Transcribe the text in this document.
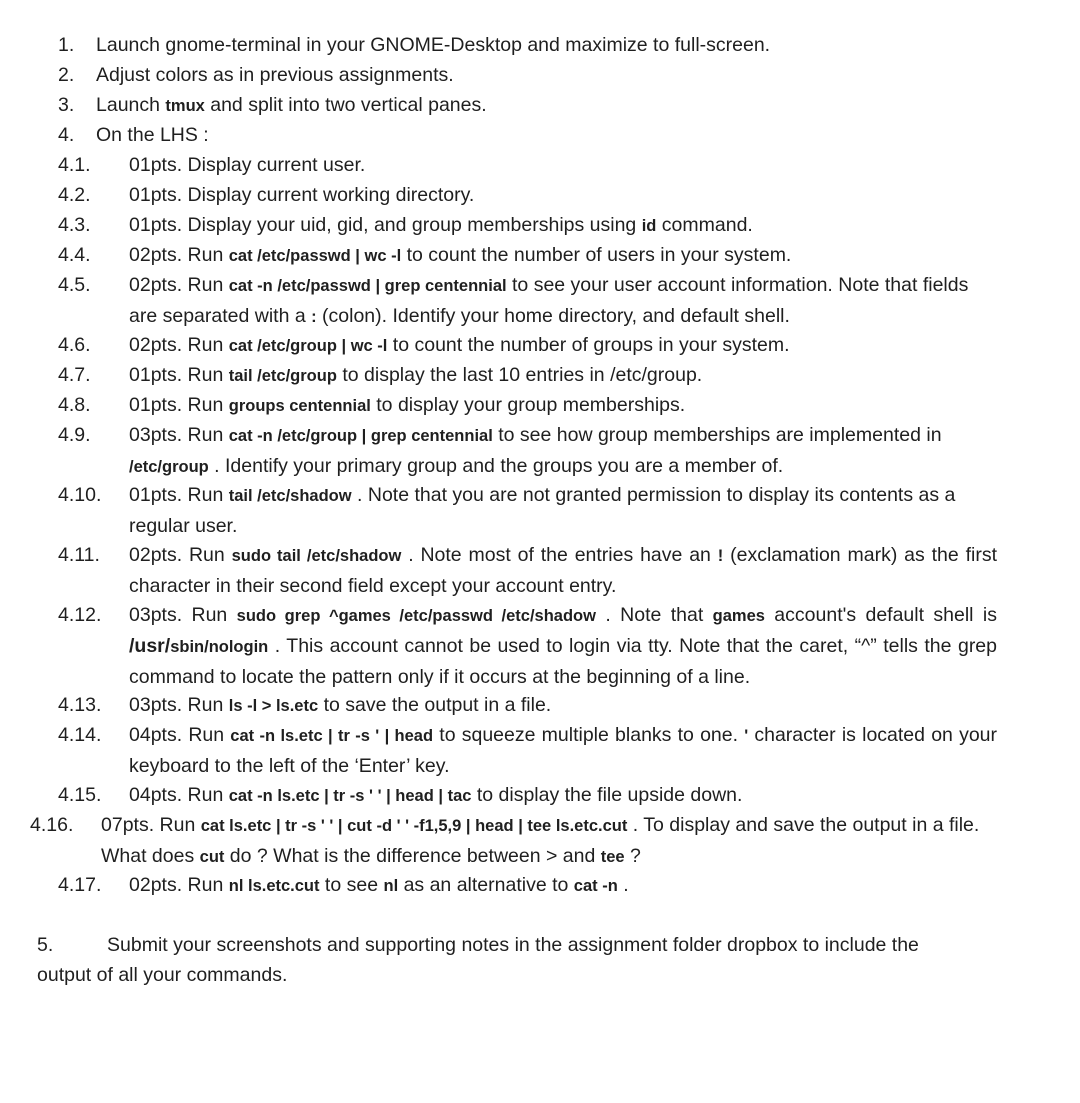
1. Launch gnome-terminal in your GNOME-Desktop and maximize to full-screen.
2. Adjust colors as in previous assignments.
3. Launch tmux and split into two vertical panes.
4. On the LHS :
4.1. 01pts. Display current user.
4.2. 01pts. Display current working directory.
4.3. 01pts. Display your uid, gid, and group memberships using id command.
4.4. 02pts. Run cat /etc/passwd | wc -l to count the number of users in your system.
4.5. 02pts. Run cat -n /etc/passwd | grep centennial to see your user account information. Note that fields are separated with a : (colon). Identify your home directory, and default shell.
4.6. 02pts. Run cat /etc/group | wc -l to count the number of groups in your system.
4.7. 01pts. Run tail /etc/group to display the last 10 entries in /etc/group.
4.8. 01pts. Run groups centennial to display your group memberships.
4.9. 03pts. Run cat -n /etc/group | grep centennial to see how group memberships are implemented in /etc/group . Identify your primary group and the groups you are a member of.
4.10. 01pts. Run tail /etc/shadow . Note that you are not granted permission to display its contents as a regular user.
4.11. 02pts. Run sudo tail /etc/shadow . Note most of the entries have an ! (exclamation mark) as the first character in their second field except your account entry.
4.12. 03pts. Run sudo grep ^games /etc/passwd /etc/shadow . Note that games account's default shell is /usr/sbin/nologin . This account cannot be used to login via tty. Note that the caret, “^” tells the grep command to locate the pattern only if it occurs at the beginning of a line.
4.13. 03pts. Run ls -l > ls.etc to save the output in a file.
4.14. 04pts. Run cat -n ls.etc | tr -s ' | head to squeeze multiple blanks to one. ' character is located on your keyboard to the left of the ‘Enter’ key.
4.15. 04pts. Run cat -n ls.etc | tr -s ' ' | head | tac to display the file upside down.
4.16. 07pts. Run cat ls.etc | tr -s ' ' | cut -d ' ' -f1,5,9 | head | tee ls.etc.cut . To display and save the output in a file. What does cut do ? What is the difference between > and tee ?
4.17. 02pts. Run nl ls.etc.cut to see nl as an alternative to cat -n .
5.	Submit your screenshots and supporting notes in the assignment folder dropbox to include the output of all your commands.
